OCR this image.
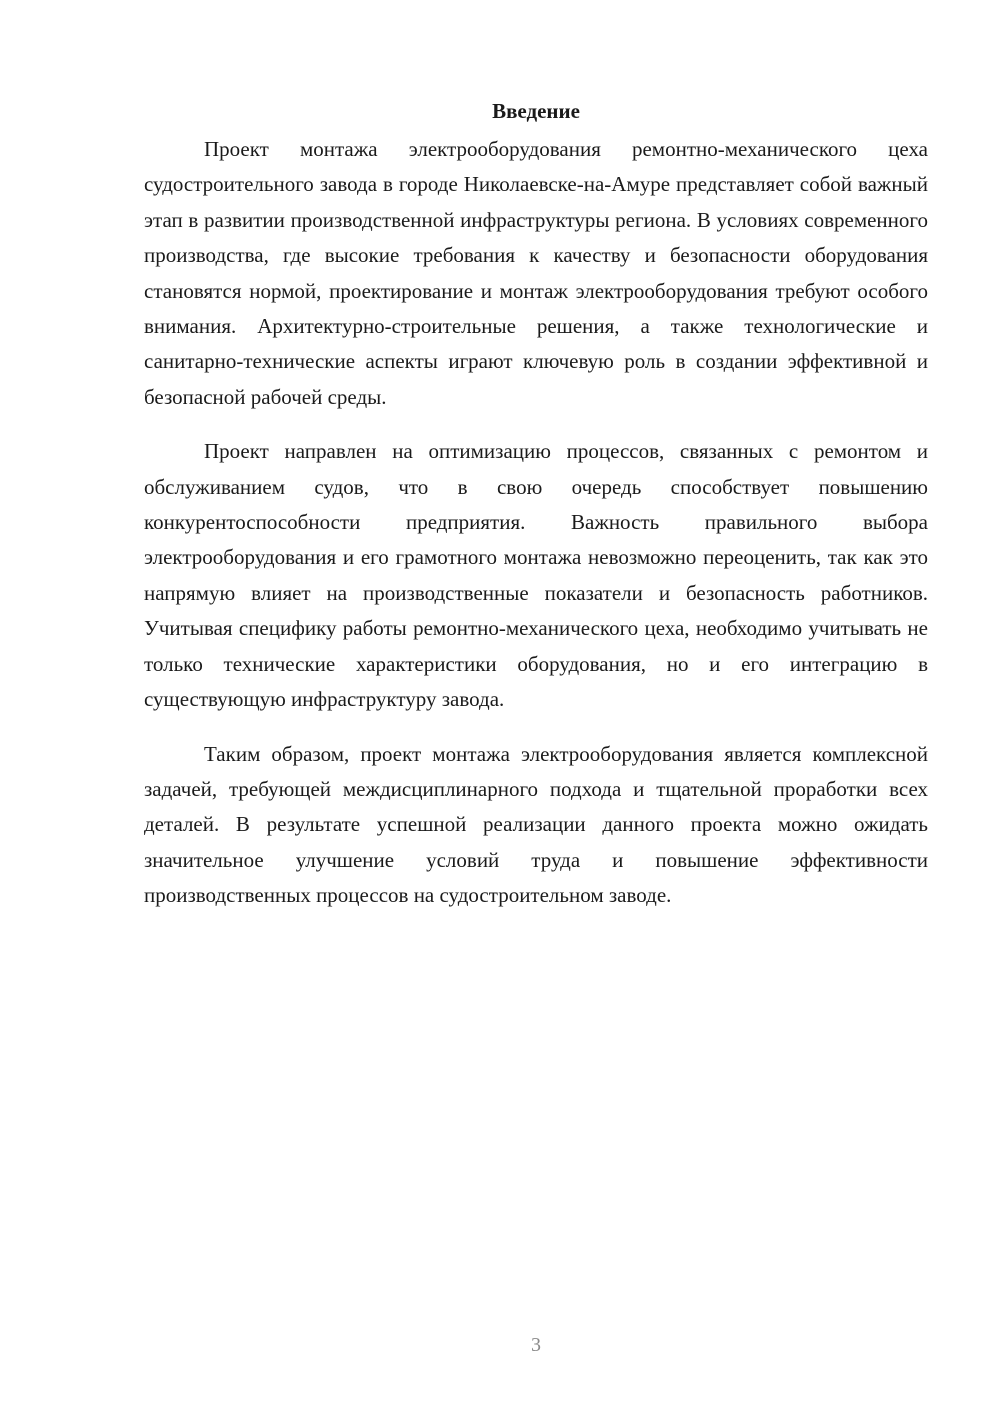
Введение

Проект монтажа электрооборудования ремонтно-механического цеха судостроительного завода в городе Николаевске-на-Амуре представляет собой важный этап в развитии производственной инфраструктуры региона. В условиях современного производства, где высокие требования к качеству и безопасности оборудования становятся нормой, проектирование и монтаж электрооборудования требуют особого внимания. Архитектурно-строительные решения, а также технологические и санитарно-технические аспекты играют ключевую роль в создании эффективной и безопасной рабочей среды.

Проект направлен на оптимизацию процессов, связанных с ремонтом и обслуживанием судов, что в свою очередь способствует повышению конкурентоспособности предприятия. Важность правильного выбора электрооборудования и его грамотного монтажа невозможно переоценить, так как это напрямую влияет на производственные показатели и безопасность работников. Учитывая специфику работы ремонтно-механического цеха, необходимо учитывать не только технические характеристики оборудования, но и его интеграцию в существующую инфраструктуру завода.

Таким образом, проект монтажа электрооборудования является комплексной задачей, требующей междисциплинарного подхода и тщательной проработки всех деталей. В результате успешной реализации данного проекта можно ожидать значительное улучшение условий труда и повышение эффективности производственных процессов на судостроительном заводе.

3
